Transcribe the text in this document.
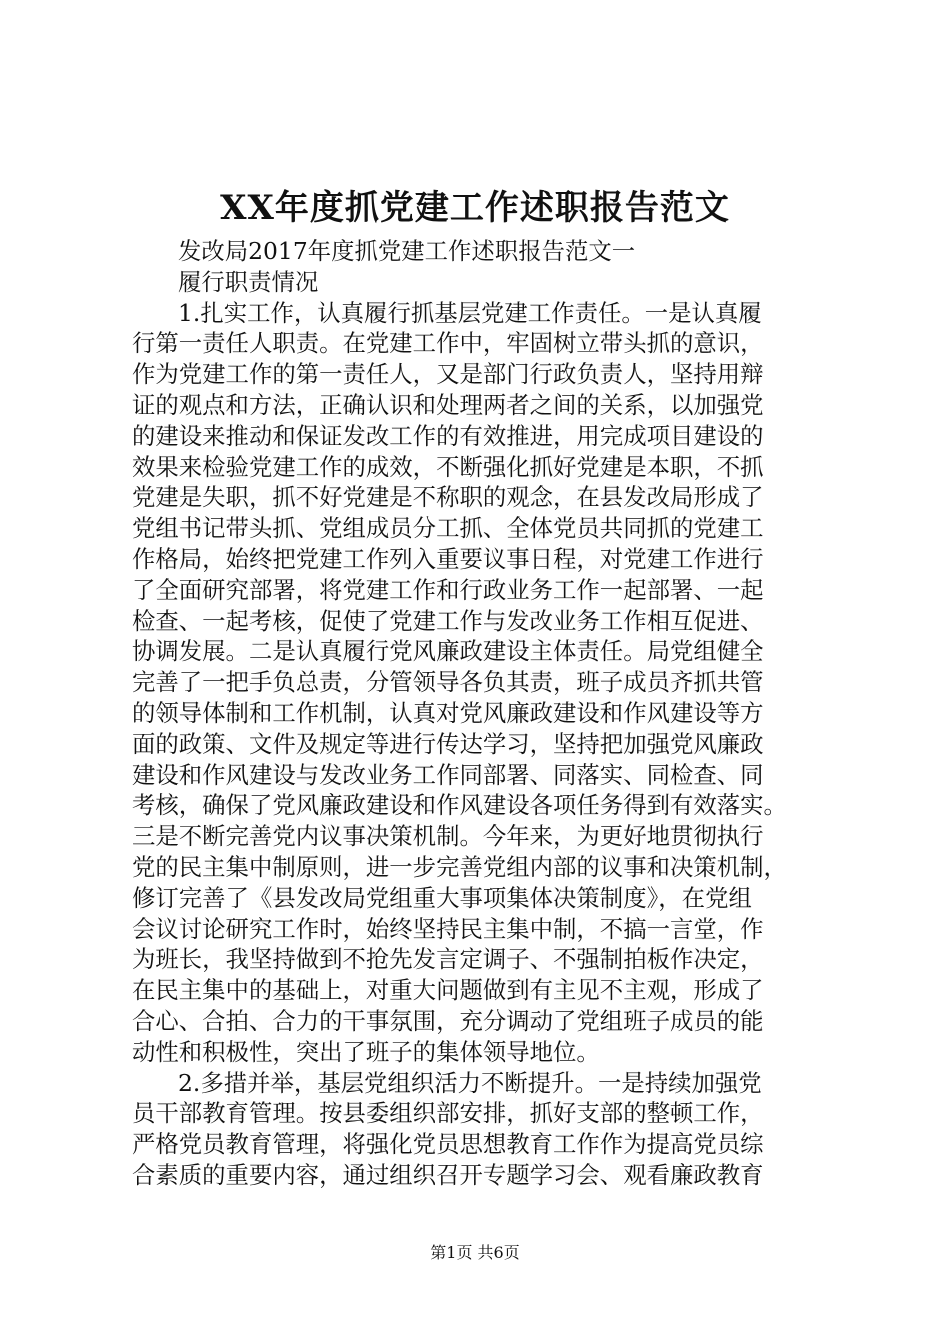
XX年度抓党建工作述职报告范文
发改局2017年度抓党建工作述职报告范文一
履行职责情况
1.扎实工作，认真履行抓基层党建工作责任。一是认真履
行第一责任人职责。在党建工作中，牢固树立带头抓的意识，
作为党建工作的第一责任人，又是部门行政负责人，坚持用辩
证的观点和方法，正确认识和处理两者之间的关系，以加强党
的建设来推动和保证发改工作的有效推进，用完成项目建设的
效果来检验党建工作的成效，不断强化抓好党建是本职，不抓
党建是失职，抓不好党建是不称职的观念，在县发改局形成了
党组书记带头抓、党组成员分工抓、全体党员共同抓的党建工
作格局，始终把党建工作列入重要议事日程，对党建工作进行
了全面研究部署，将党建工作和行政业务工作一起部署、一起
检查、一起考核，促使了党建工作与发改业务工作相互促进、
协调发展。二是认真履行党风廉政建设主体责任。局党组健全
完善了一把手负总责，分管领导各负其责，班子成员齐抓共管
的领导体制和工作机制，认真对党风廉政建设和作风建设等方
面的政策、文件及规定等进行传达学习，坚持把加强党风廉政
建设和作风建设与发改业务工作同部署、同落实、同检查、同
考核，确保了党风廉政建设和作风建设各项任务得到有效落实。
三是不断完善党内议事决策机制。今年来，为更好地贯彻执行
党的民主集中制原则，进一步完善党组内部的议事和决策机制，
修订完善了《县发改局党组重大事项集体决策制度》，在党组
会议讨论研究工作时，始终坚持民主集中制，不搞一言堂，作
为班长，我坚持做到不抢先发言定调子、不强制拍板作决定，
在民主集中的基础上，对重大问题做到有主见不主观，形成了
合心、合拍、合力的干事氛围，充分调动了党组班子成员的能
动性和积极性，突出了班子的集体领导地位。
2.多措并举，基层党组织活力不断提升。一是持续加强党
员干部教育管理。按县委组织部安排，抓好支部的整顿工作，
严格党员教育管理，将强化党员思想教育工作作为提高党员综
合素质的重要内容，通过组织召开专题学习会、观看廉政教育
第1页 共6页
